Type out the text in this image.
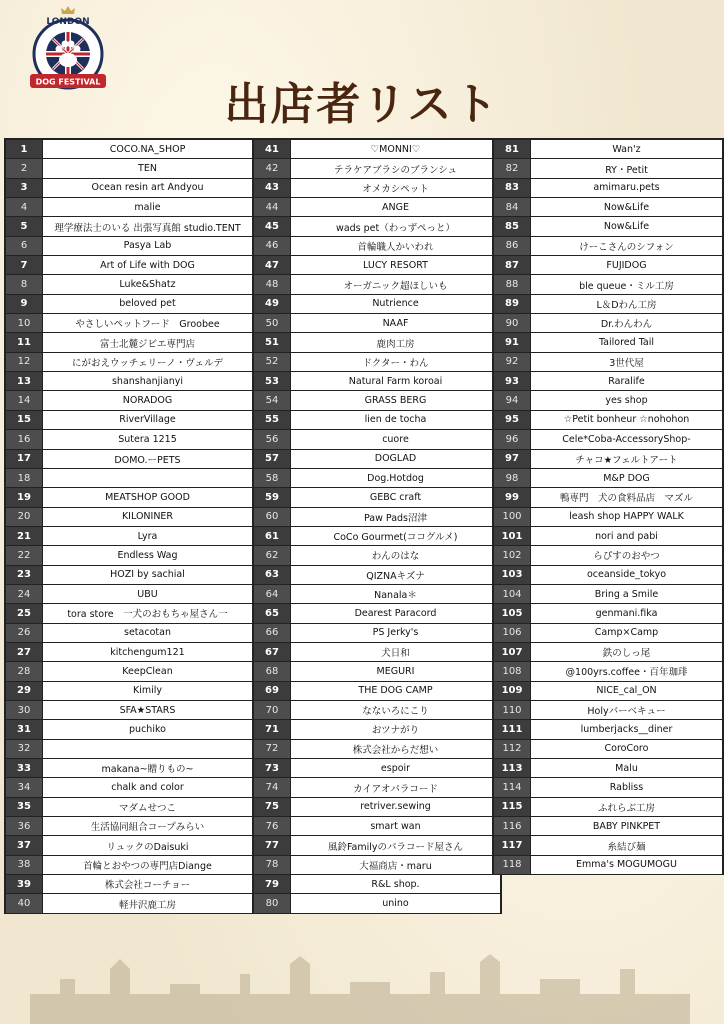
LONDON
DOG FESTIVAL	出店者リスト
1	COCO.NA_SHOP
2	TEN
3	Ocean resin art Andyou
4	malie
5	理学療法士のいる 出張写真館 studio.TENT
6	Pasya Lab
7	Art of Life with DOG
8	Luke&Shatz
9	beloved pet
10	やさしいペットフード　Groobee
11	富士北麓ジビエ専門店
12	にがおえウッチェリーノ・ヴェルデ
13	shanshanjianyi
14	NORADOG
15	RiverVillage
16	Sutera 1215
17	DOMO.ーPETS
18
19	MEATSHOP GOOD
20	KILONINER
21	Lyra
22	Endless Wag
23	HOZI by sachial
24	UBU
25	tora store　一犬のおもちゃ屋さん一
26	setacotan
27	kitchengum121
28	KeepClean
29	Kimily
30	SFA★STARS
31	puchiko
32
33	makana~贈りもの~
34	chalk and color
35	マダムせつこ
36	生活協同組合コープみらい
37	リュックのDaisuki
38	首輪とおやつの専門店Diange
39	株式会社コーチョー
40	軽井沢鹿工房
41	♡MONNI♡
42	テラケアブラシのブランシュ
43	オメカシペット
44	ANGE
45	wads pet（わっずぺっと）
46	首輪職人かいわれ
47	LUCY RESORT
48	オーガニック超ほしいも
49	Nutrience
50	NAAF
51	鹿肉工房
52	ドクター・わん
53	Natural Farm koroai
54	GRASS BERG
55	lien de tocha
56	cuore
57	DOGLAD
58	Dog.Hotdog
59	GEBC craft
60	Paw Pads沼津
61	CoCo Gourmet(ココグルメ)
62	わんのはな
63	QIZNAキズナ
64	Nanala＊
65	Dearest Paracord
66	PS Jerky's
67	犬日和
68	MEGURI
69	THE DOG CAMP
70	なないろにこり
71	おツナがり
72	株式会社からだ想い
73	espoir
74	カイアオパラコード
75	retriver.sewing
76	smart wan
77	風鈴Familyのパラコード屋さん
78	大福商店・maru
79	R&L shop.
80	unino
81	Wan'z
82	RY・Petit
83	amimaru.pets
84	Now&Life
85	Now&Life
86	けーこさんのシフォン
87	FUJIDOG
88	ble queue・ミル工房
89	L＆Dわん工房
90	Dr.わんわん
91	Tailored Tail
92	3世代屋
93	Raralife
94	yes shop
95	☆Petit bonheur ☆nohohon
96	Cele*Coba-AccessoryShop-
97	チャコ★フェルトアート
98	M&P DOG
99	鴨専門　犬の食料品店　マズル
100	leash shop HAPPY WALK
101	nori and pabi
102	らぴすのおやつ
103	oceanside_tokyo
104	Bring a Smile
105	genmani.fika
106	Camp×Camp
107	鉄のしっ尾
108	@100yrs.coffee・百年珈琲
109	NICE_cal_ON
110	Holyバーベキュー
111	lumberjacks__diner
112	CoroCoro
113	Malu
114	Rabliss
115	ふれらぶ工房
116	BABY PINKPET
117	糸結び麺
118	Emma's MOGUMOGU
